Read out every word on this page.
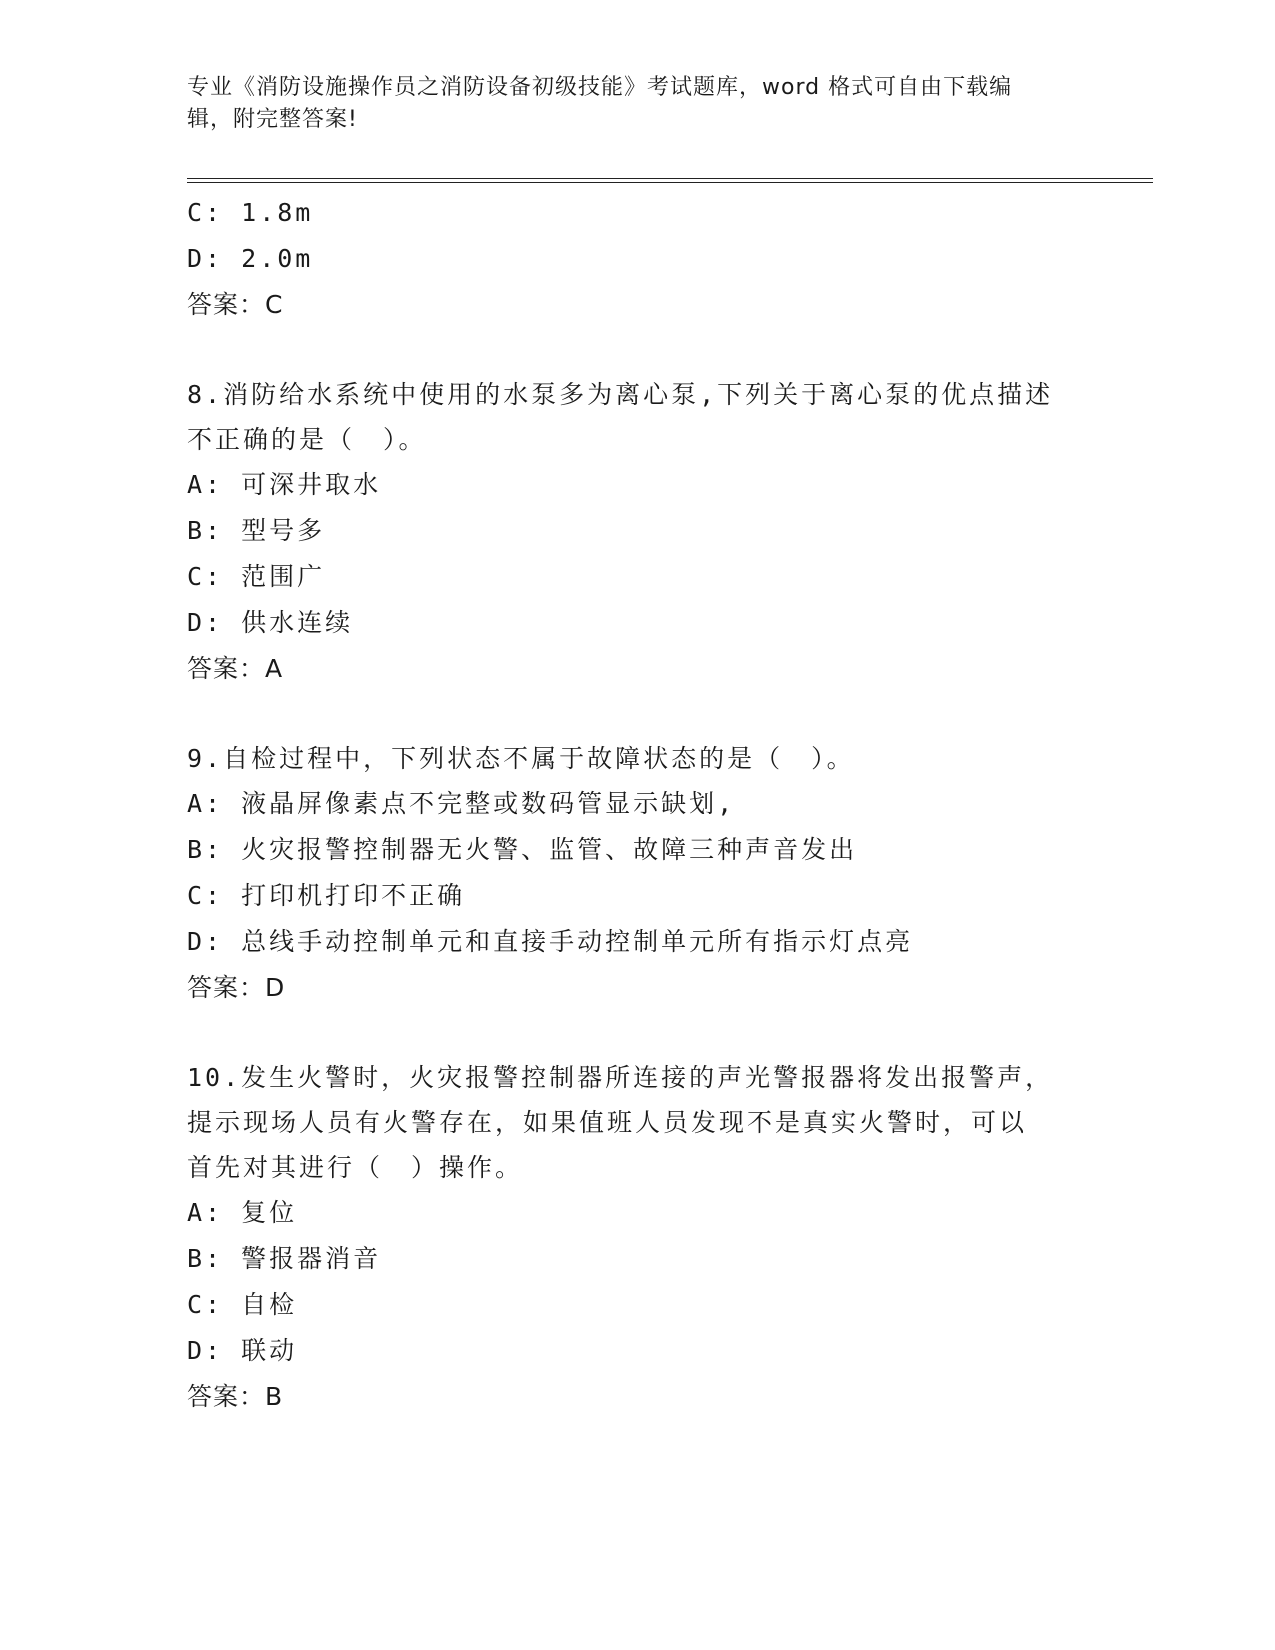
专业《消防设施操作员之消防设备初级技能》考试题库，word 格式可自由下载编
辑，附完整答案!
C: 1.8m
D: 2.0m
答案：C
8.消防给水系统中使用的水泵多为离心泵,下列关于离心泵的优点描述
不正确的是（　）。
A: 可深井取水
B: 型号多
C: 范围广
D: 供水连续
答案：A
9.自检过程中，下列状态不属于故障状态的是（　）。
A: 液晶屏像素点不完整或数码管显示缺划,
B: 火灾报警控制器无火警、监管、故障三种声音发出
C: 打印机打印不正确
D: 总线手动控制单元和直接手动控制单元所有指示灯点亮
答案：D
10.发生火警时，火灾报警控制器所连接的声光警报器将发出报警声，
提示现场人员有火警存在，如果值班人员发现不是真实火警时，可以
首先对其进行（　）操作。
A: 复位
B: 警报器消音
C: 自检
D: 联动
答案：B
